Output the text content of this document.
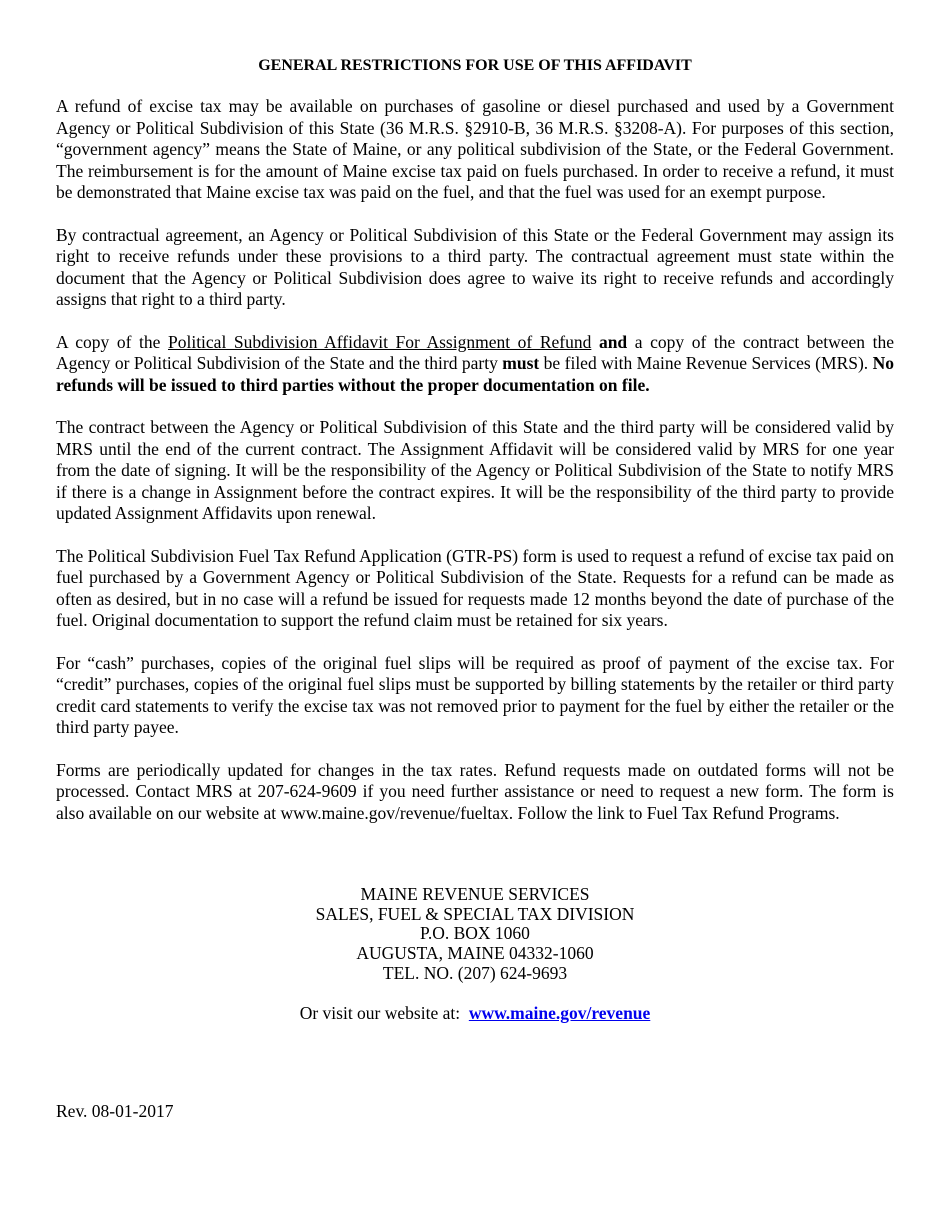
GENERAL RESTRICTIONS FOR USE OF THIS AFFIDAVIT

A refund of excise tax may be available on purchases of gasoline or diesel purchased and used by a Government Agency or Political Subdivision of this State (36 M.R.S. §2910-B, 36 M.R.S. §3208-A). For purposes of this section, “government agency” means the State of Maine, or any political subdivision of the State, or the Federal Government. The reimbursement is for the amount of Maine excise tax paid on fuels purchased. In order to receive a refund, it must be demonstrated that Maine excise tax was paid on the fuel, and that the fuel was used for an exempt purpose.

By contractual agreement, an Agency or Political Subdivision of this State or the Federal Government may assign its right to receive refunds under these provisions to a third party. The contractual agreement must state within the document that the Agency or Political Subdivision does agree to waive its right to receive refunds and accordingly assigns that right to a third party.

A copy of the Political Subdivision Affidavit For Assignment of Refund and a copy of the contract between the Agency or Political Subdivision of the State and the third party must be filed with Maine Revenue Services (MRS). No refunds will be issued to third parties without the proper documentation on file.

The contract between the Agency or Political Subdivision of this State and the third party will be considered valid by MRS until the end of the current contract. The Assignment Affidavit will be considered valid by MRS for one year from the date of signing. It will be the responsibility of the Agency or Political Subdivision of the State to notify MRS if there is a change in Assignment before the contract expires. It will be the responsibility of the third party to provide updated Assignment Affidavits upon renewal.

The Political Subdivision Fuel Tax Refund Application (GTR-PS) form is used to request a refund of excise tax paid on fuel purchased by a Government Agency or Political Subdivision of the State. Requests for a refund can be made as often as desired, but in no case will a refund be issued for requests made 12 months beyond the date of purchase of the fuel. Original documentation to support the refund claim must be retained for six years.

For “cash” purchases, copies of the original fuel slips will be required as proof of payment of the excise tax. For “credit” purchases, copies of the original fuel slips must be supported by billing statements by the retailer or third party credit card statements to verify the excise tax was not removed prior to payment for the fuel by either the retailer or the third party payee.

Forms are periodically updated for changes in the tax rates. Refund requests made on outdated forms will not be processed. Contact MRS at 207-624-9609 if you need further assistance or need to request a new form. The form is also available on our website at www.maine.gov/revenue/fueltax. Follow the link to Fuel Tax Refund Programs.

MAINE REVENUE SERVICES
SALES, FUEL & SPECIAL TAX DIVISION
P.O. BOX 1060
AUGUSTA, MAINE 04332-1060
TEL. NO. (207) 624-9693
Or visit our website at:  www.maine.gov/revenue
Rev. 08-01-2017
